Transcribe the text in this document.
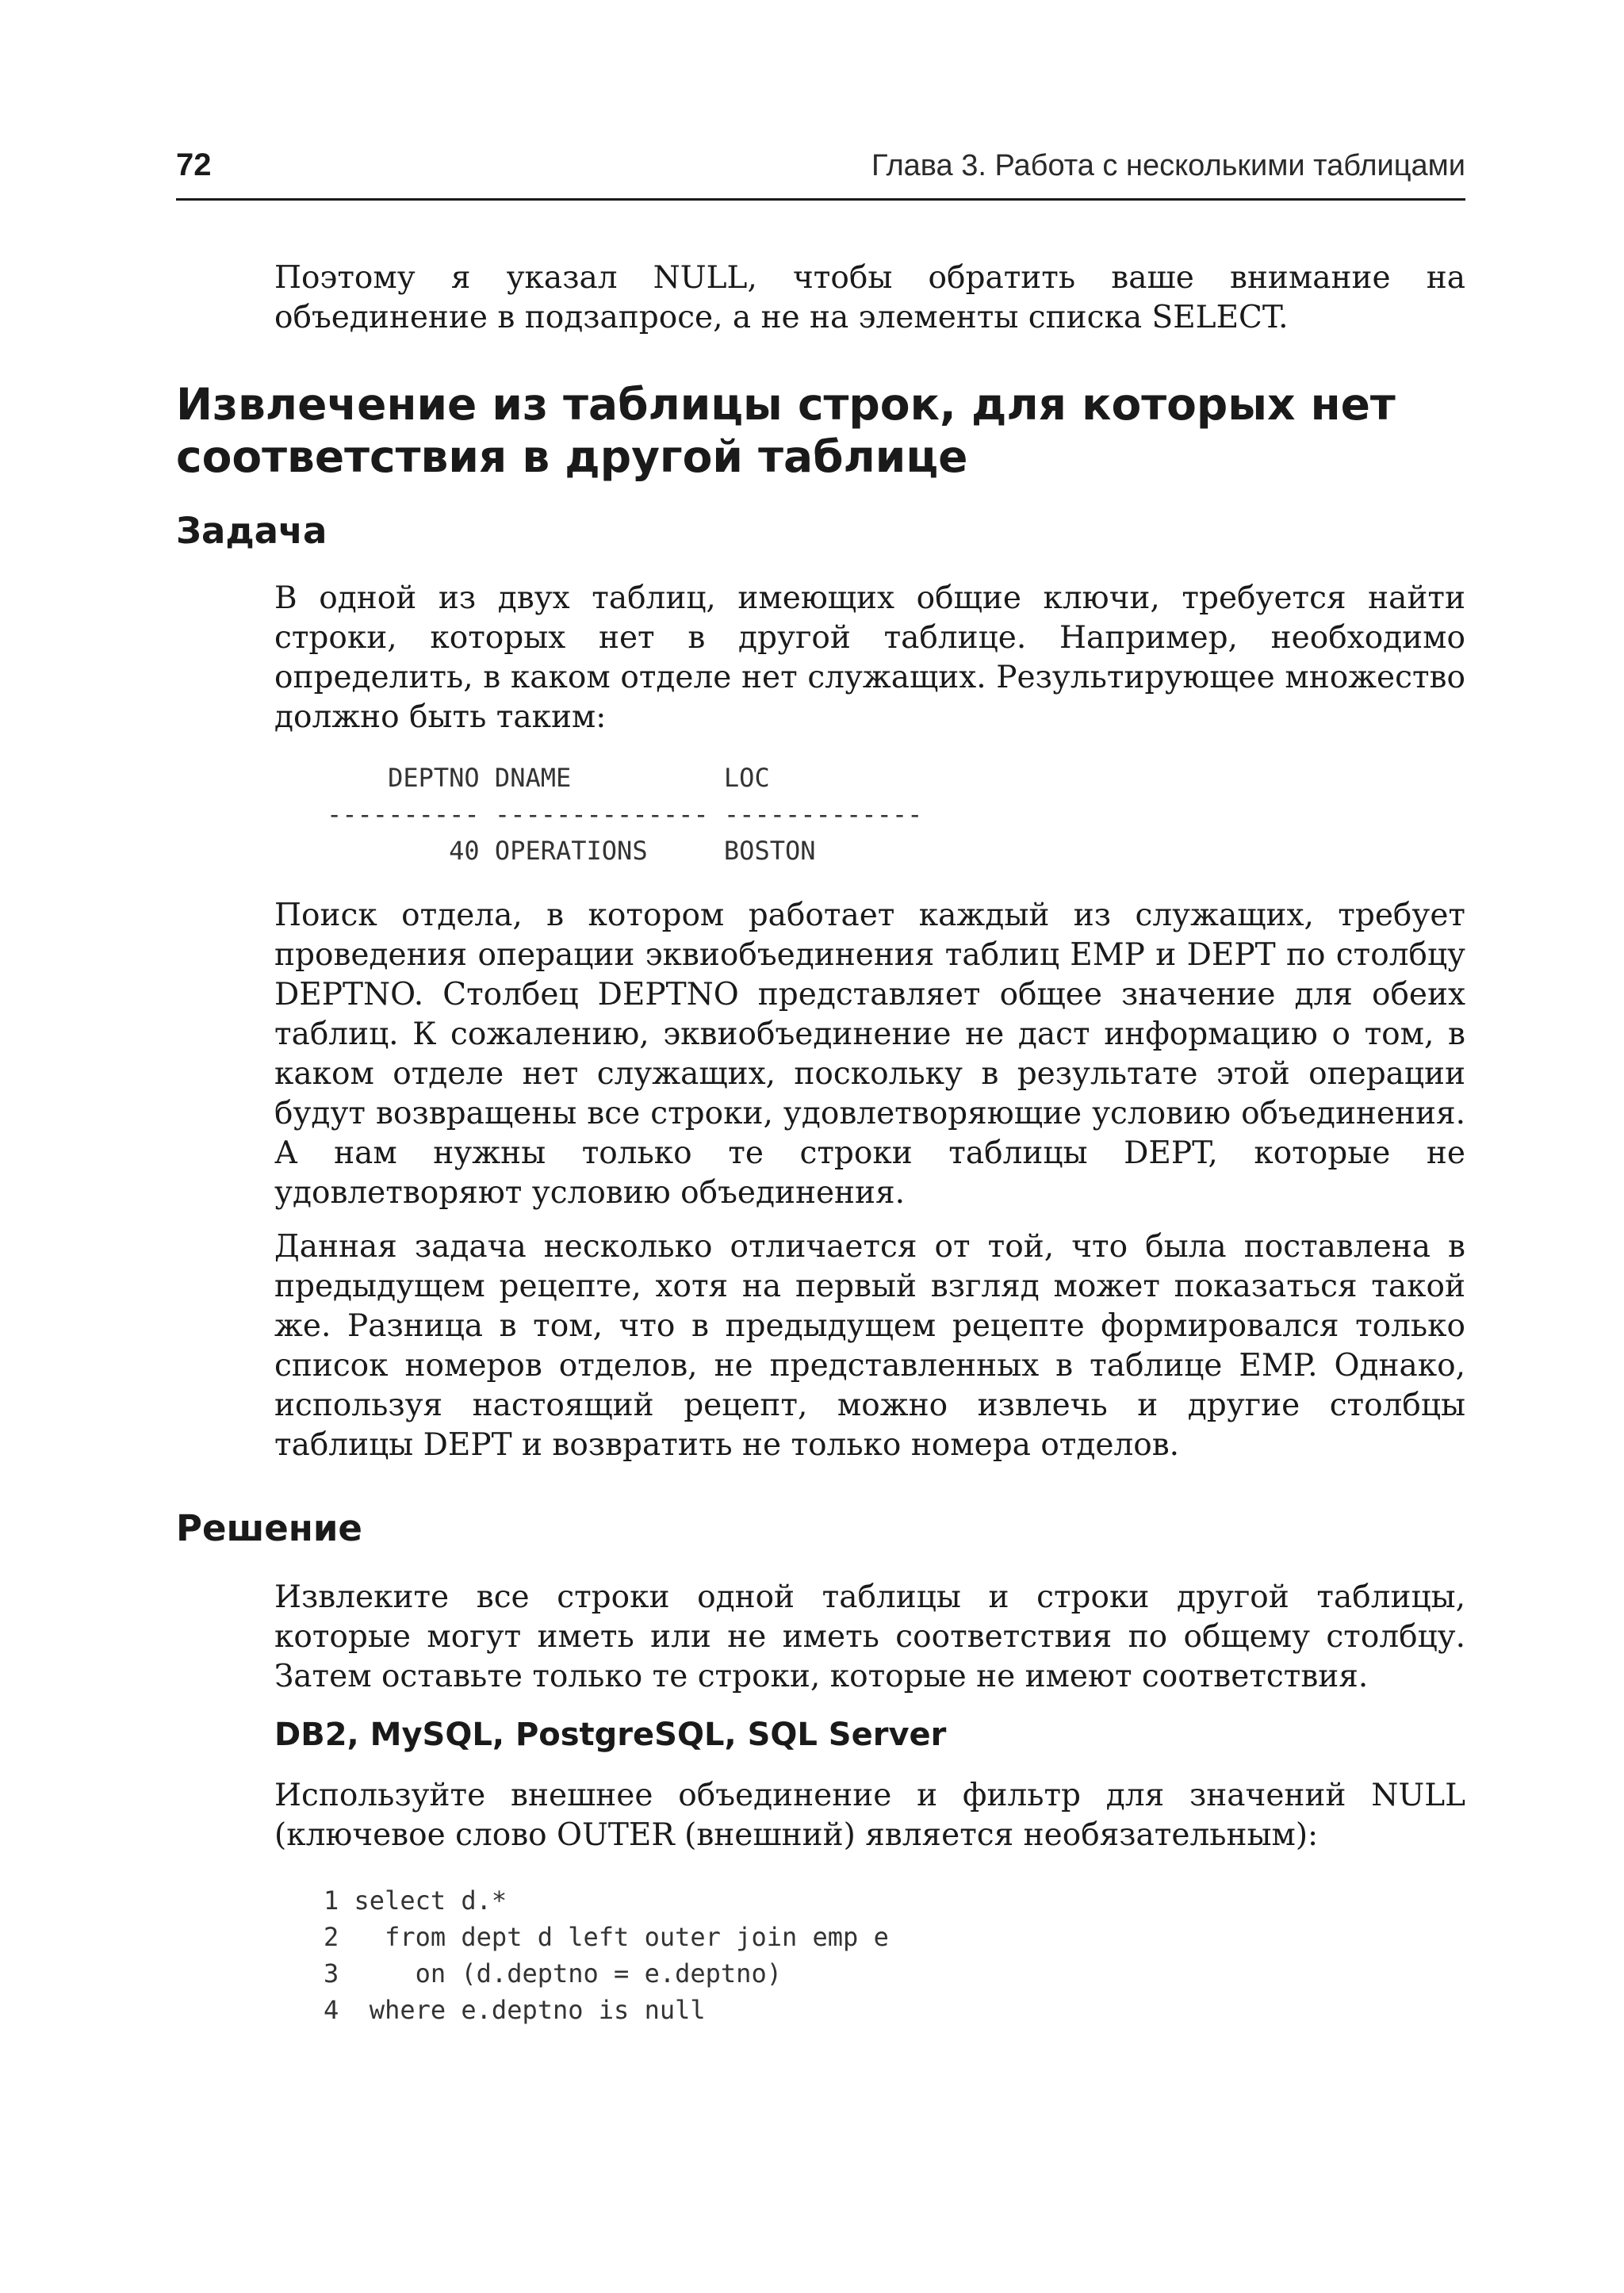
72	Глава 3. Работа с несколькими таблицами

Поэтому я указал NULL, чтобы обратить ваше внимание на объединение в подзапросе, а не на элементы списка SELECT.

Извлечение из таблицы строк, для которых нет соответствия в другой таблице
Задача

В одной из двух таблиц, имеющих общие ключи, требуется найти строки, которых нет в другой таблице. Например, необходимо определить, в каком отделе нет служащих. Результирующее множество должно быть таким:

DEPTNO DNAME          LOC
---------- -------------- -------------
40 OPERATIONS     BOSTON

Поиск отдела, в котором работает каждый из служащих, требует проведения операции эквиобъединения таблиц EMP и DEPT по столбцу DEPTNO. Столбец DEPTNO представляет общее значение для обеих таблиц. К сожалению, эквиобъединение не даст информацию о том, в каком отделе нет служащих, поскольку в результате этой операции будут возвращены все строки, удовлетворяющие условию объединения. А нам нужны только те строки таблицы DEPT, которые не удовлетворяют условию объединения.

Данная задача несколько отличается от той, что была поставлена в предыдущем рецепте, хотя на первый взгляд может показаться такой же. Разница в том, что в предыдущем рецепте формировался только список номеров отделов, не представленных в таблице EMP. Однако, используя настоящий рецепт, можно извлечь и другие столбцы таблицы DEPT и возвратить не только номера отделов.

Решение

Извлеките все строки одной таблицы и строки другой таблицы, которые могут иметь или не иметь соответствия по общему столбцу. Затем оставьте только те строки, которые не имеют соответствия.

DB2, MySQL, PostgreSQL, SQL Server

Используйте внешнее объединение и фильтр для значений NULL (ключевое слово OUTER (внешний) является необязательным):

1 select d.*
2   from dept d left outer join emp e
3     on (d.deptno = e.deptno)
4  where e.deptno is null
